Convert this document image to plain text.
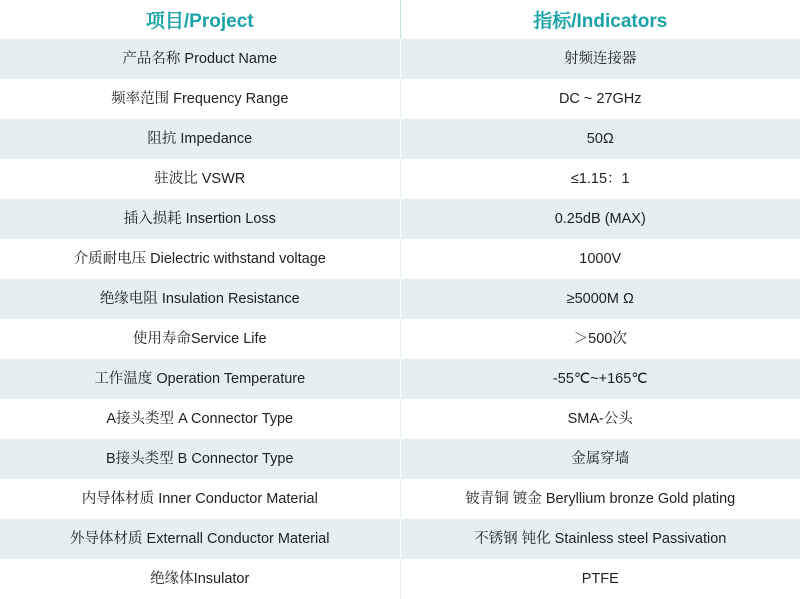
项目/Project	指标/Indicators
产品名称 Product Name	射频连接器
频率范围 Frequency Range	DC ~ 27GHz
阻抗 Impedance	50Ω
驻波比 VSWR	≤1.15：1
插入损耗 Insertion Loss	0.25dB (MAX)
介质耐电压 Dielectric withstand voltage	1000V
绝缘电阻 Insulation Resistance	≥5000M Ω
使用寿命Service Life	＞500次
工作温度 Operation Temperature	-55℃~+165℃
A接头类型 A Connector Type	SMA-公头
B接头类型 B Connector Type	金属穿墙
内导体材质 Inner Conductor Material	铍青铜 镀金 Beryllium bronze Gold plating
外导体材质 Externall Conductor Material	不锈钢 钝化 Stainless steel Passivation
绝缘体Insulator	PTFE
